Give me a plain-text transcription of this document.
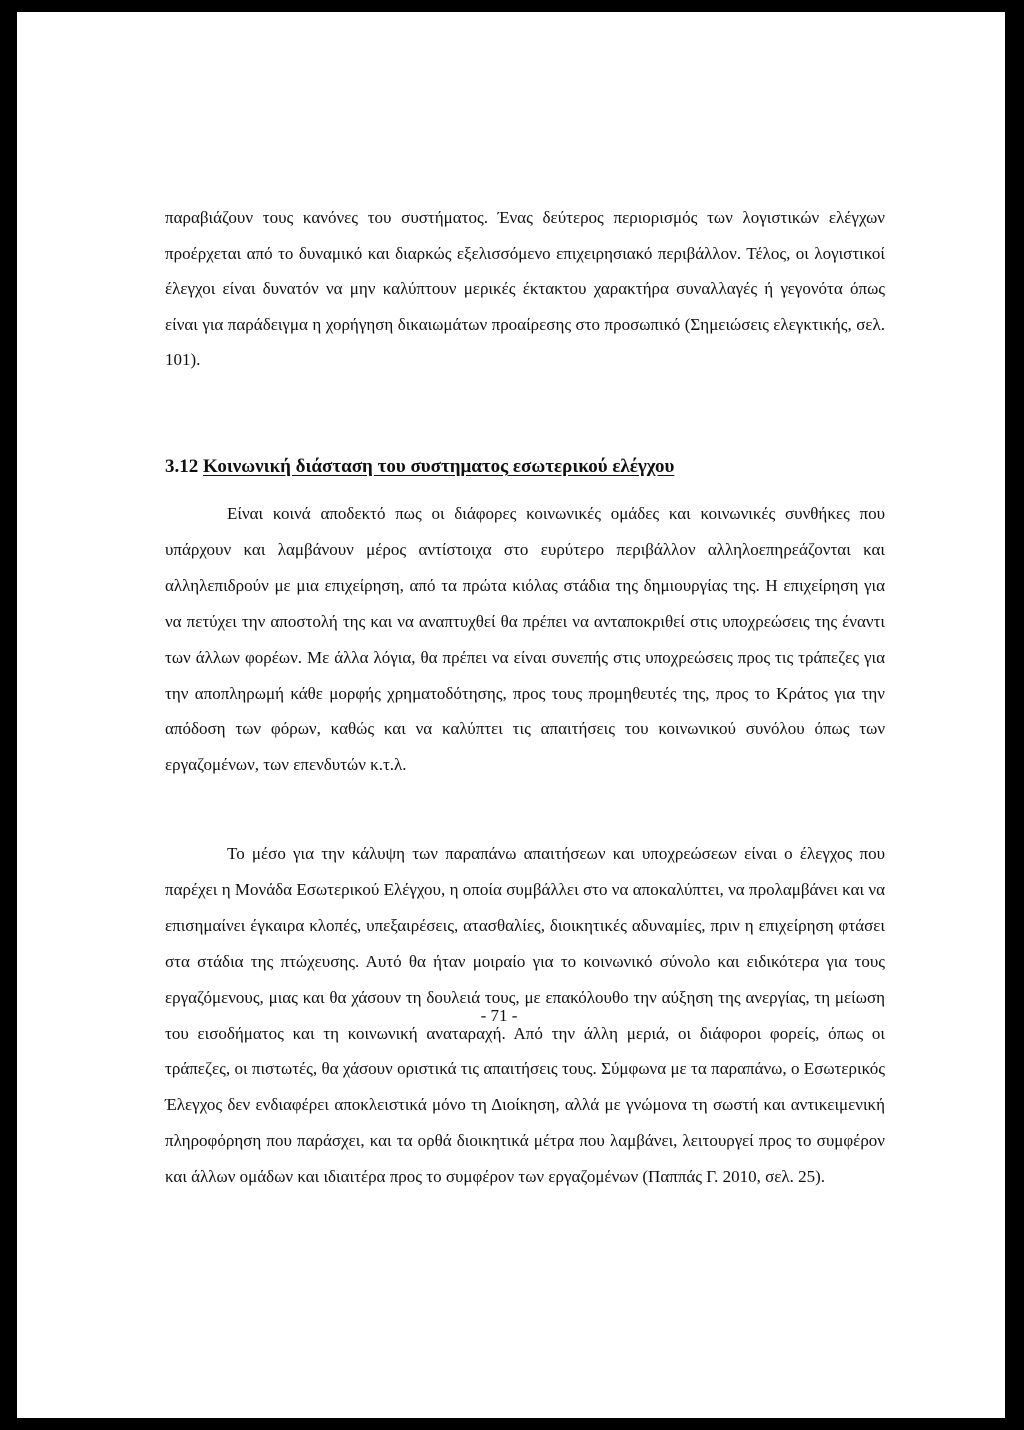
παραβιάζουν τους κανόνες του συστήματος. Ένας δεύτερος περιορισμός των λογιστικών ελέγχων προέρχεται από το δυναμικό και διαρκώς εξελισσόμενο επιχειρησιακό περιβάλλον. Τέλος, οι λογιστικοί έλεγχοι είναι δυνατόν να μην καλύπτουν μερικές έκτακτου χαρακτήρα συναλλαγές ή γεγονότα όπως είναι για παράδειγμα η χορήγηση δικαιωμάτων προαίρεσης στο προσωπικό (Σημειώσεις ελεγκτικής, σελ. 101).

3.12 Κοινωνική διάσταση του συστηματος εσωτερικού ελέγχου

Είναι κοινά αποδεκτό πως οι διάφορες κοινωνικές ομάδες και κοινωνικές συνθήκες που υπάρχουν και λαμβάνουν μέρος αντίστοιχα στο ευρύτερο περιβάλλον αλληλοεπηρεάζονται και αλληλεπιδρούν με μια επιχείρηση, από τα πρώτα κιόλας στάδια της δημιουργίας της. Η επιχείρηση για να πετύχει την αποστολή της και να αναπτυχθεί θα πρέπει να ανταποκριθεί στις υποχρεώσεις της έναντι των άλλων φορέων. Με άλλα λόγια, θα πρέπει να είναι συνεπής στις υποχρεώσεις προς τις τράπεζες για την αποπληρωμή κάθε μορφής χρηματοδότησης, προς τους προμηθευτές της, προς το Κράτος για την απόδοση των φόρων, καθώς και να καλύπτει τις απαιτήσεις του κοινωνικού συνόλου όπως των εργαζομένων, των επενδυτών κ.τ.λ.

Το μέσο για την κάλυψη των παραπάνω απαιτήσεων και υποχρεώσεων είναι ο έλεγχος που παρέχει η Μονάδα Εσωτερικού Ελέγχου, η οποία συμβάλλει στο να αποκαλύπτει, να προλαμβάνει και να επισημαίνει έγκαιρα κλοπές, υπεξαιρέσεις, ατασθαλίες, διοικητικές αδυναμίες, πριν η επιχείρηση φτάσει στα στάδια της πτώχευσης. Αυτό θα ήταν μοιραίο για το κοινωνικό σύνολο και ειδικότερα για τους εργαζόμενους, μιας και θα χάσουν τη δουλειά τους, με επακόλουθο την αύξηση της ανεργίας, τη μείωση του εισοδήματος και τη κοινωνική αναταραχή. Από την άλλη μεριά, οι διάφοροι φορείς, όπως οι τράπεζες, οι πιστωτές, θα χάσουν οριστικά τις απαιτήσεις τους. Σύμφωνα με τα παραπάνω, ο Εσωτερικός Έλεγχος δεν ενδιαφέρει αποκλειστικά μόνο τη Διοίκηση, αλλά με γνώμονα τη σωστή και αντικειμενική πληροφόρηση που παράσχει, και τα ορθά διοικητικά μέτρα που λαμβάνει, λειτουργεί προς το συμφέρον και άλλων ομάδων και ιδιαιτέρα προς το συμφέρον των εργαζομένων (Παππάς Γ. 2010, σελ. 25).

- 71 -
